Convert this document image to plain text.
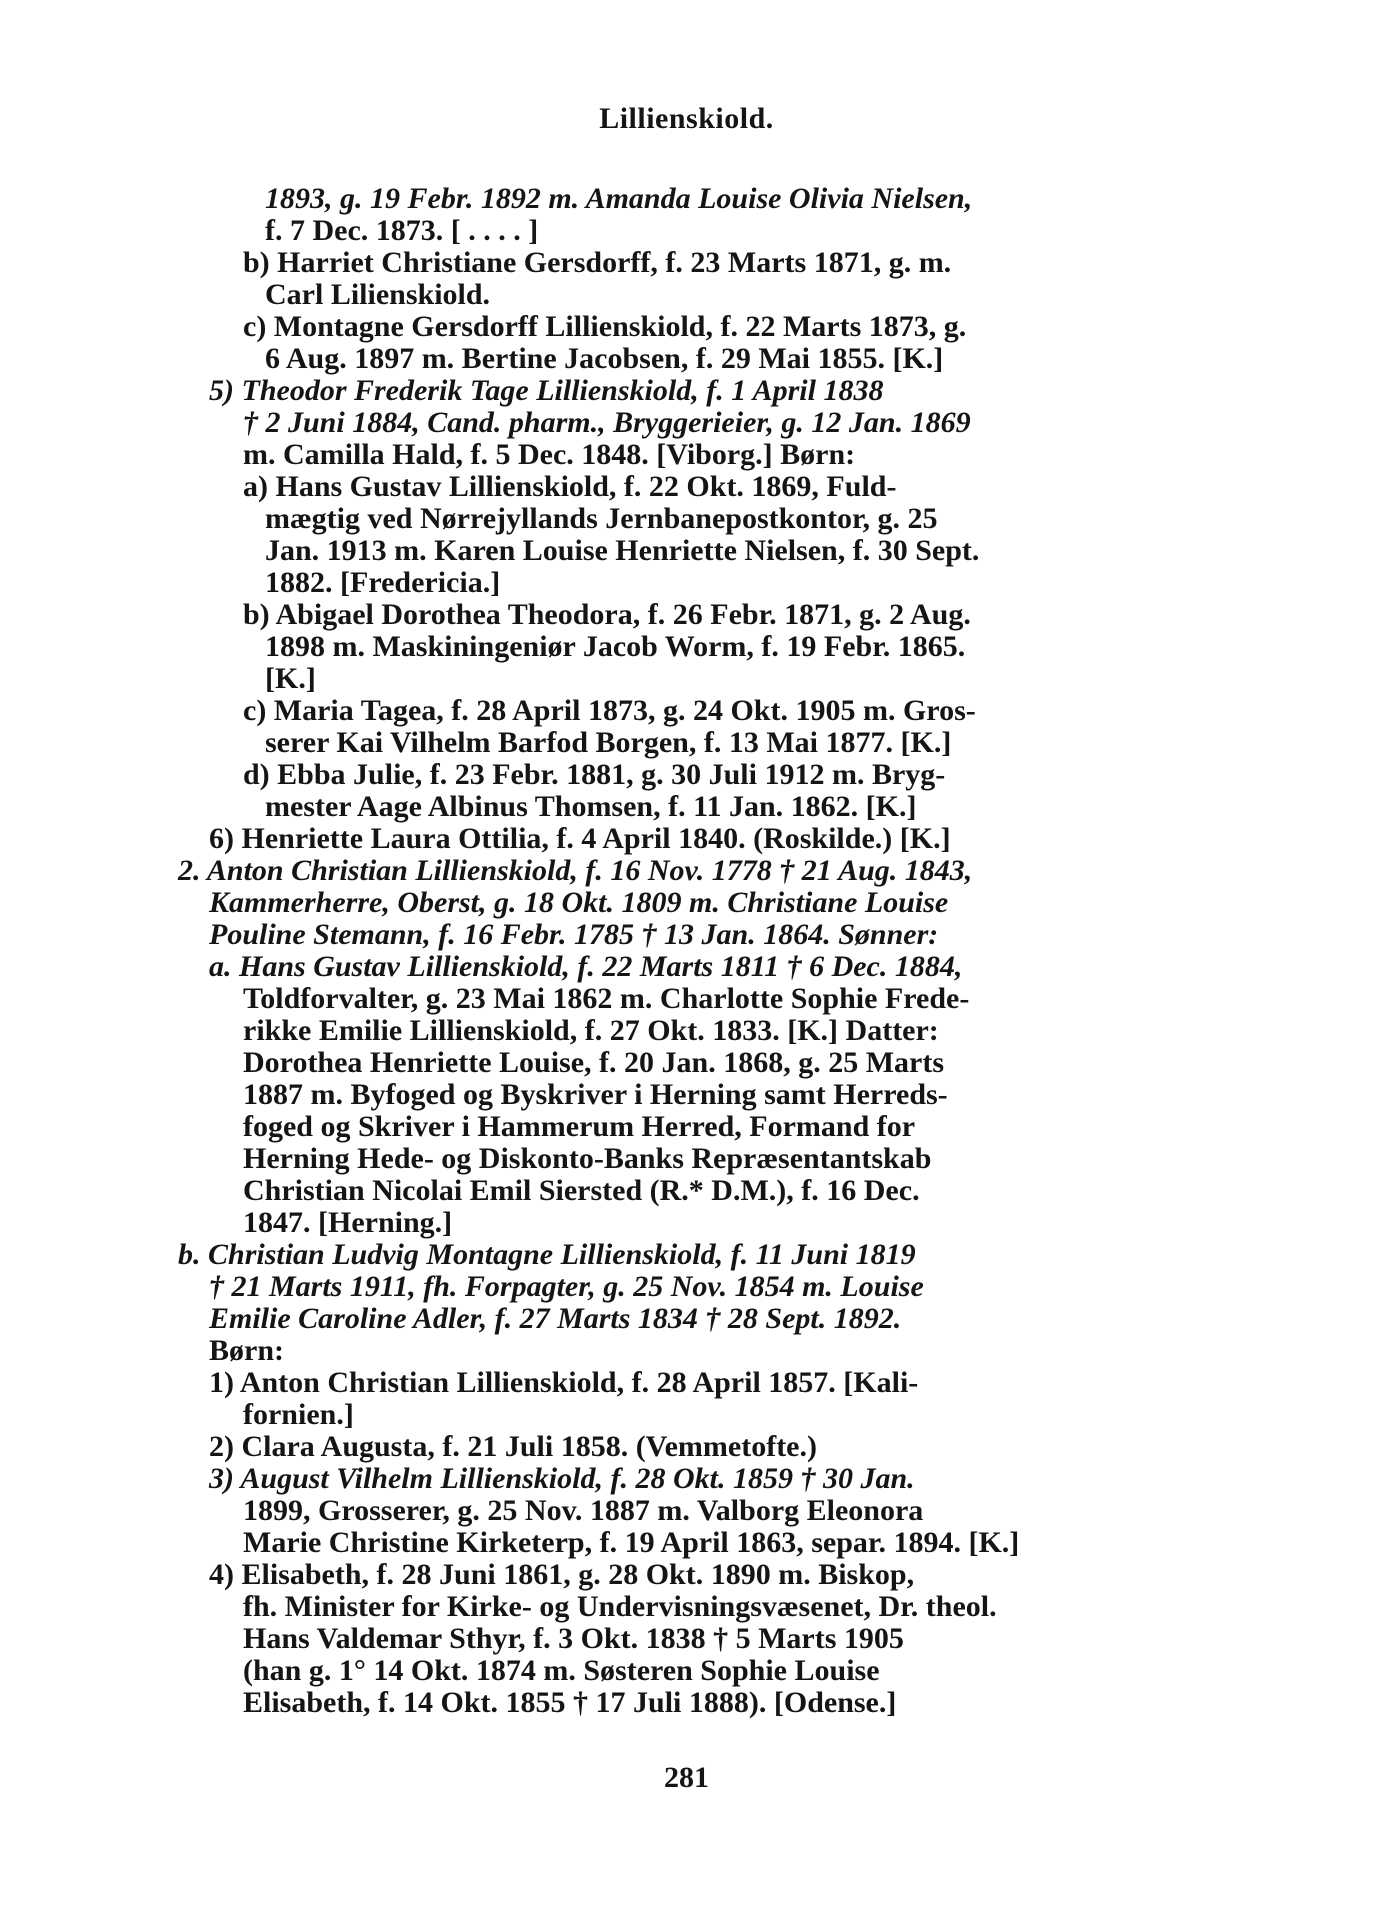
Lillienskiold.
1893, g. 19 Febr. 1892 m. Amanda Louise Olivia Nielsen,
f. 7 Dec. 1873. [ . . . . ]
b) Harriet Christiane Gersdorff, f. 23 Marts 1871, g. m.
Carl Lilienskiold.
c) Montagne Gersdorff Lillienskiold, f. 22 Marts 1873, g.
6 Aug. 1897 m. Bertine Jacobsen, f. 29 Mai 1855. [K.]
5) Theodor Frederik Tage Lillienskiold, f. 1 April 1838
† 2 Juni 1884, Cand. pharm., Bryggerieier, g. 12 Jan. 1869
m. Camilla Hald, f. 5 Dec. 1848. [Viborg.] Børn:
a) Hans Gustav Lillienskiold, f. 22 Okt. 1869, Fuld-
mægtig ved Nørrejyllands Jernbanepostkontor, g. 25
Jan. 1913 m. Karen Louise Henriette Nielsen, f. 30 Sept.
1882. [Fredericia.]
b) Abigael Dorothea Theodora, f. 26 Febr. 1871, g. 2 Aug.
1898 m. Maskiningeniør Jacob Worm, f. 19 Febr. 1865.
[K.]
c) Maria Tagea, f. 28 April 1873, g. 24 Okt. 1905 m. Gros-
serer Kai Vilhelm Barfod Borgen, f. 13 Mai 1877. [K.]
d) Ebba Julie, f. 23 Febr. 1881, g. 30 Juli 1912 m. Bryg-
mester Aage Albinus Thomsen, f. 11 Jan. 1862. [K.]
6) Henriette Laura Ottilia, f. 4 April 1840. (Roskilde.) [K.]
2. Anton Christian Lillienskiold, f. 16 Nov. 1778 † 21 Aug. 1843,
Kammerherre, Oberst, g. 18 Okt. 1809 m. Christiane Louise
Pouline Stemann, f. 16 Febr. 1785 † 13 Jan. 1864. Sønner:
a. Hans Gustav Lillienskiold, f. 22 Marts 1811 † 6 Dec. 1884,
Toldforvalter, g. 23 Mai 1862 m. Charlotte Sophie Frede-
rikke Emilie Lillienskiold, f. 27 Okt. 1833. [K.] Datter:
Dorothea Henriette Louise, f. 20 Jan. 1868, g. 25 Marts
1887 m. Byfoged og Byskriver i Herning samt Herreds-
foged og Skriver i Hammerum Herred, Formand for
Herning Hede- og Diskonto-Banks Repræsentantskab
Christian Nicolai Emil Siersted (R.* D.M.), f. 16 Dec.
1847. [Herning.]
b. Christian Ludvig Montagne Lillienskiold, f. 11 Juni 1819
† 21 Marts 1911, fh. Forpagter, g. 25 Nov. 1854 m. Louise
Emilie Caroline Adler, f. 27 Marts 1834 † 28 Sept. 1892.
Børn:
1) Anton Christian Lillienskiold, f. 28 April 1857. [Kali-
fornien.]
2) Clara Augusta, f. 21 Juli 1858. (Vemmetofte.)
3) August Vilhelm Lillienskiold, f. 28 Okt. 1859 † 30 Jan.
1899, Grosserer, g. 25 Nov. 1887 m. Valborg Eleonora
Marie Christine Kirketerp, f. 19 April 1863, separ. 1894. [K.]
4) Elisabeth, f. 28 Juni 1861, g. 28 Okt. 1890 m. Biskop,
fh. Minister for Kirke- og Undervisningsvæsenet, Dr. theol.
Hans Valdemar Sthyr, f. 3 Okt. 1838 † 5 Marts 1905
(han g. 1° 14 Okt. 1874 m. Søsteren Sophie Louise
Elisabeth, f. 14 Okt. 1855 † 17 Juli 1888). [Odense.]
281
